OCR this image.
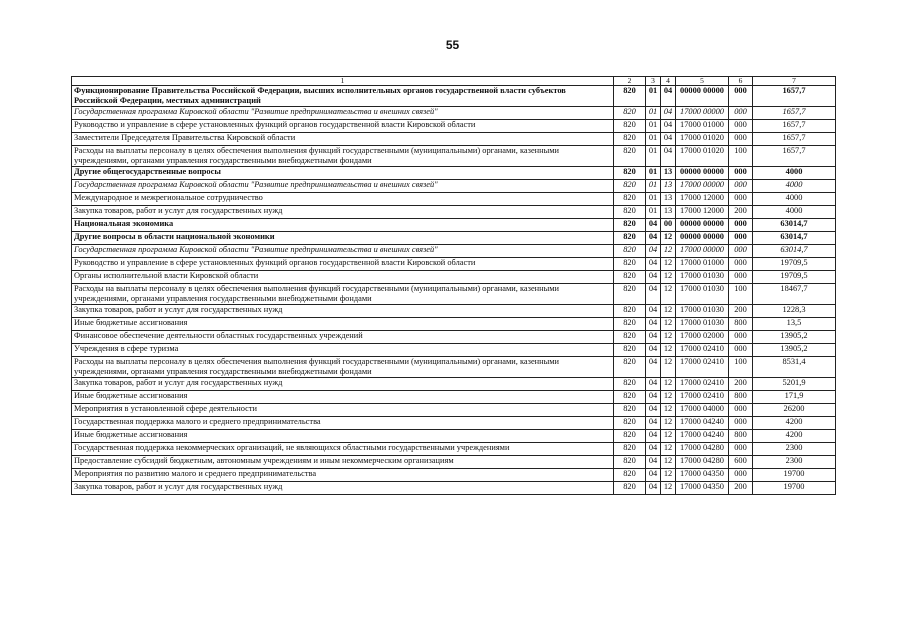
55
1	2	3	4	5	6	7
Функционирование Правительства Российской Федерации, высших исполнительных органов государственной власти субъектов Российской Федерации, местных администраций	820	01	04	00000 00000	000	1657,7
Государственная программа Кировской области "Развитие предпринимательства и внешних связей"	820	01	04	17000 00000	000	1657,7
Руководство и управление в сфере установленных функций органов государственной власти Кировской области	820	01	04	17000 01000	000	1657,7
Заместители Председателя Правительства Кировской области	820	01	04	17000 01020	000	1657,7
Расходы на выплаты персоналу в целях обеспечения выполнения функций государственными (муниципальными) органами, казенными учреждениями, органами управления государственными внебюджетными фондами	820	01	04	17000 01020	100	1657,7
Другие общегосударственные вопросы	820	01	13	00000 00000	000	4000
Государственная программа Кировской области "Развитие предпринимательства и внешних связей"	820	01	13	17000 00000	000	4000
Международное и межрегиональное сотрудничество	820	01	13	17000 12000	000	4000
Закупка товаров, работ и услуг для государственных нужд	820	01	13	17000 12000	200	4000
Национальная экономика	820	04	00	00000 00000	000	63014,7
Другие вопросы в области национальной экономики	820	04	12	00000 00000	000	63014,7
Государственная программа Кировской области "Развитие предпринимательства и внешних связей"	820	04	12	17000 00000	000	63014,7
Руководство и управление в сфере установленных функций органов государственной власти Кировской области	820	04	12	17000 01000	000	19709,5
Органы исполнительной власти Кировской области	820	04	12	17000 01030	000	19709,5
Расходы на выплаты персоналу в целях обеспечения выполнения функций государственными (муниципальными) органами, казенными учреждениями, органами управления государственными внебюджетными фондами	820	04	12	17000 01030	100	18467,7
Закупка товаров, работ и услуг для государственных нужд	820	04	12	17000 01030	200	1228,3
Иные бюджетные ассигнования	820	04	12	17000 01030	800	13,5
Финансовое обеспечение деятельности областных государственных учреждений	820	04	12	17000 02000	000	13905,2
Учреждения в сфере туризма	820	04	12	17000 02410	000	13905,2
Расходы на выплаты персоналу в целях обеспечения выполнения функций государственными (муниципальными) органами, казенными учреждениями, органами управления государственными внебюджетными фондами	820	04	12	17000 02410	100	8531,4
Закупка товаров, работ и услуг для государственных нужд	820	04	12	17000 02410	200	5201,9
Иные бюджетные ассигнования	820	04	12	17000 02410	800	171,9
Мероприятия в установленной сфере деятельности	820	04	12	17000 04000	000	26200
Государственная поддержка малого и среднего предпринимательства	820	04	12	17000 04240	000	4200
Иные бюджетные ассигнования	820	04	12	17000 04240	800	4200
Государственная поддержка некоммерческих организаций, не являющихся областными государственными учреждениями	820	04	12	17000 04280	000	2300
Предоставление субсидий бюджетным, автономным учреждениям и иным некоммерческим организациям	820	04	12	17000 04280	600	2300
Мероприятия по развитию малого и среднего предпринимательства	820	04	12	17000 04350	000	19700
Закупка товаров, работ и услуг для государственных нужд	820	04	12	17000 04350	200	19700
